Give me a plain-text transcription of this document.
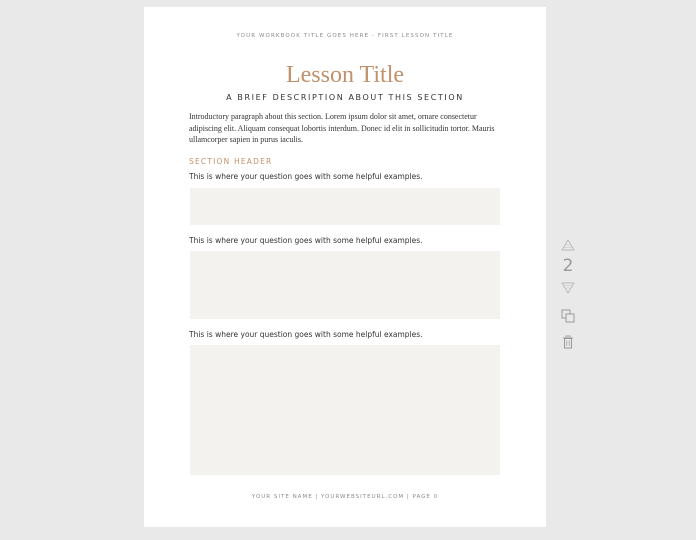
YOUR WORKBOOK TITLE GOES HERE - FIRST LESSON TITLE
Lesson Title
A BRIEF DESCRIPTION ABOUT THIS SECTION
Introductory paragraph about this section. Lorem ipsum dolor sit amet, ornare consectetur adipiscing elit. Aliquam consequat lobortis interdum. Donec id elit in sollicitudin tortor. Mauris ullamcorper sapien in purus iaculis.
SECTION HEADER
This is where your question goes with some helpful examples.
This is where your question goes with some helpful examples.
This is where your question goes with some helpful examples.
YOUR SITE NAME | YOURWEBSITEURL.COM | PAGE 0
2
